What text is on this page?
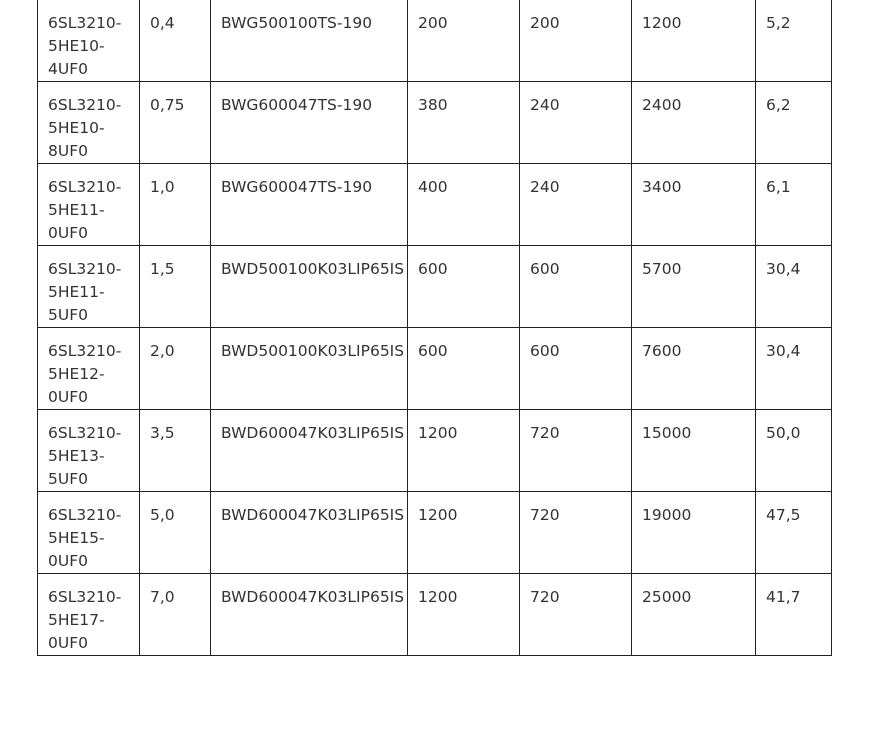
6SL3210-
5HE10-
4UF0	0,4	BWG500100TS-190	200	200	1200	5,2
6SL3210-
5HE10-
8UF0	0,75	BWG600047TS-190	380	240	2400	6,2
6SL3210-
5HE11-
0UF0	1,0	BWG600047TS-190	400	240	3400	6,1
6SL3210-
5HE11-
5UF0	1,5	BWD500100K03LIP65IS	600	600	5700	30,4
6SL3210-
5HE12-
0UF0	2,0	BWD500100K03LIP65IS	600	600	7600	30,4
6SL3210-
5HE13-
5UF0	3,5	BWD600047K03LIP65IS	1200	720	15000	50,0
6SL3210-
5HE15-
0UF0	5,0	BWD600047K03LIP65IS	1200	720	19000	47,5
6SL3210-
5HE17-
0UF0	7,0	BWD600047K03LIP65IS	1200	720	25000	41,7
